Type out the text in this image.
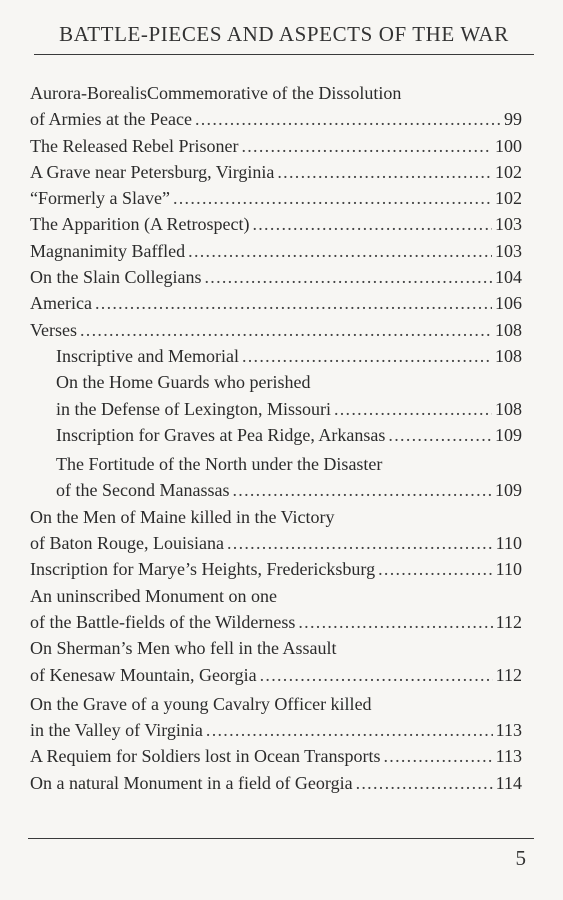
BATTLE-PIECES AND ASPECTS OF THE WAR
Aurora-BorealisCommemorative of the Dissolution
of Armies at the Peace . . .	99
The Released Rebel Prisoner . . .	100
A Grave near Petersburg, Virginia . . .	102
“Formerly a Slave” . . .	102
The Apparition (A Retrospect) . . .	103
Magnanimity Baffled . . .	103
On the Slain Collegians . . .	104
America . . .	106
Verses . . .	108
Inscriptive and Memorial . . .	108
On the Home Guards who perished
in the Defense of Lexington, Missouri . . .	108
Inscription for Graves at Pea Ridge, Arkansas . . .	109
The Fortitude of the North under the Disaster
of the Second Manassas . . .	109
On the Men of Maine killed in the Victory
of Baton Rouge, Louisiana . . .	110
Inscription for Marye’s Heights, Fredericksburg . . .	110
An uninscribed Monument on one
of the Battle-fields of the Wilderness . . .	112
On Sherman’s Men who fell in the Assault
of Kenesaw Mountain, Georgia . . .	112
On the Grave of a young Cavalry Officer killed
in the Valley of Virginia . . .	113
A Requiem for Soldiers lost in Ocean Transports . . .	113
On a natural Monument in a field of Georgia . . .	114
5
